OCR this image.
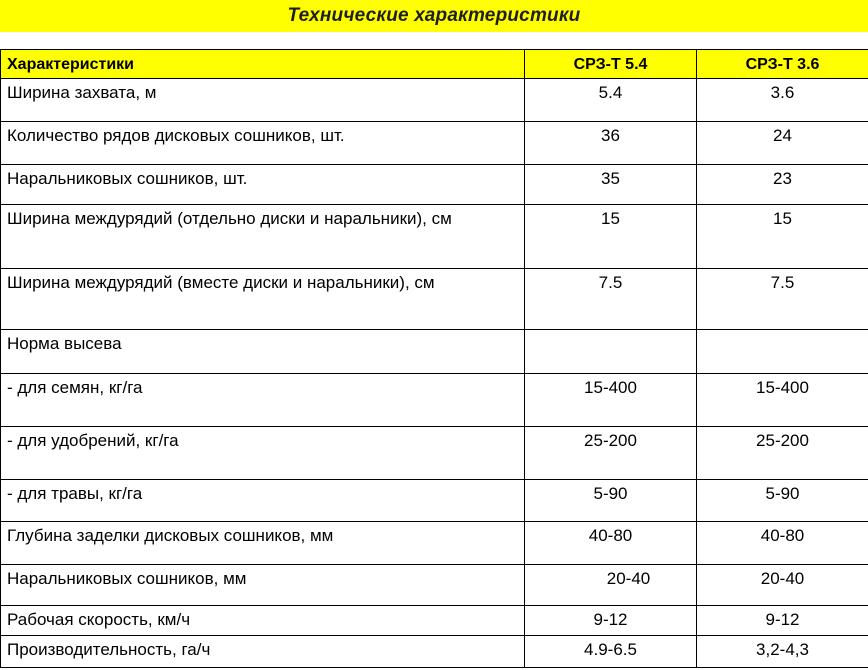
Технические характеристики
Характеристики	СРЗ-Т 5.4	СРЗ-Т 3.6
Ширина захвата, м	5.4	3.6
Количество рядов дисковых сошников, шт.	36	24
Наральниковых сошников, шт.	35	23
Ширина междурядий (отдельно диски и наральники), см	15	15
Ширина междурядий (вместе диски и наральники), см	7.5	7.5
Норма высева		
- для семян, кг/га	15-400	15-400
- для удобрений, кг/га	25-200	25-200
- для травы, кг/га	5-90	5-90
Глубина заделки дисковых сошников, мм	40-80	40-80
Наральниковых сошников, мм	20-40	20-40
Рабочая скорость, км/ч	9-12	9-12
Производительность, га/ч	4.9-6.5	3,2-4,3
